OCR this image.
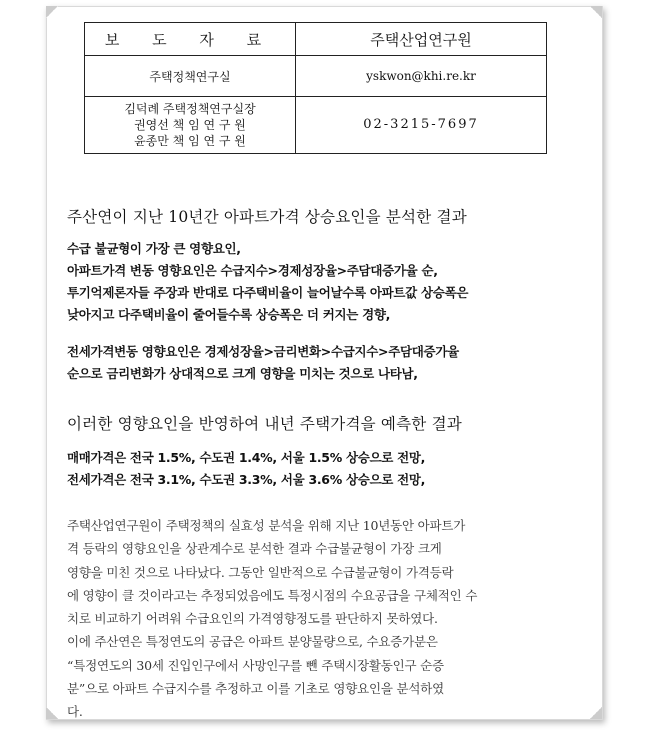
보 도 자 료	주택산업연구원
주택정책연구실	yskwon@khi.re.kr

김덕례 주택정책연구실장
권영선 책 임 연 구 원
윤종만 책 임 연 구 원	02-3215-7697
주산연이 지난 10년간 아파트가격 상승요인을 분석한 결과
수급 불균형이 가장 큰 영향요인,
아파트가격 변동 영향요인은 수급지수>경제성장율>주담대증가율 순,
투기억제론자들 주장과 반대로 다주택비율이 늘어날수록 아파트값 상승폭은
낮아지고 다주택비율이 줄어들수록 상승폭은 더 커지는 경향,
전세가격변동 영향요인은 경제성장율>금리변화>수급지수>주담대증가율
순으로 금리변화가 상대적으로 크게 영향을 미치는 것으로 나타남,
이러한 영향요인을 반영하여 내년 주택가격을 예측한 결과
매매가격은 전국 1.5%, 수도권 1.4%, 서울 1.5% 상승으로 전망,
전세가격은 전국 3.1%, 수도권 3.3%, 서울 3.6% 상승으로 전망,
주택산업연구원이 주택정책의 실효성 분석을 위해 지난 10년동안 아파트가
격 등락의 영향요인을 상관계수로 분석한 결과 수급불균형이 가장 크게
영향을 미친 것으로 나타났다. 그동안 일반적으로 수급불균형이 가격등락
에 영향이 클 것이라고는 추정되었음에도 특정시점의 수요공급을 구체적인 수
치로 비교하기 어려워 수급요인의 가격영향정도를 판단하지 못하였다.
이에 주산연은 특정연도의 공급은 아파트 분양물량으로, 수요증가분은
“특정연도의 30세 진입인구에서 사망인구를 뺀 주택시장활동인구 순증
분”으로 아파트 수급지수를 추정하고 이를 기초로 영향요인을 분석하였
다.
